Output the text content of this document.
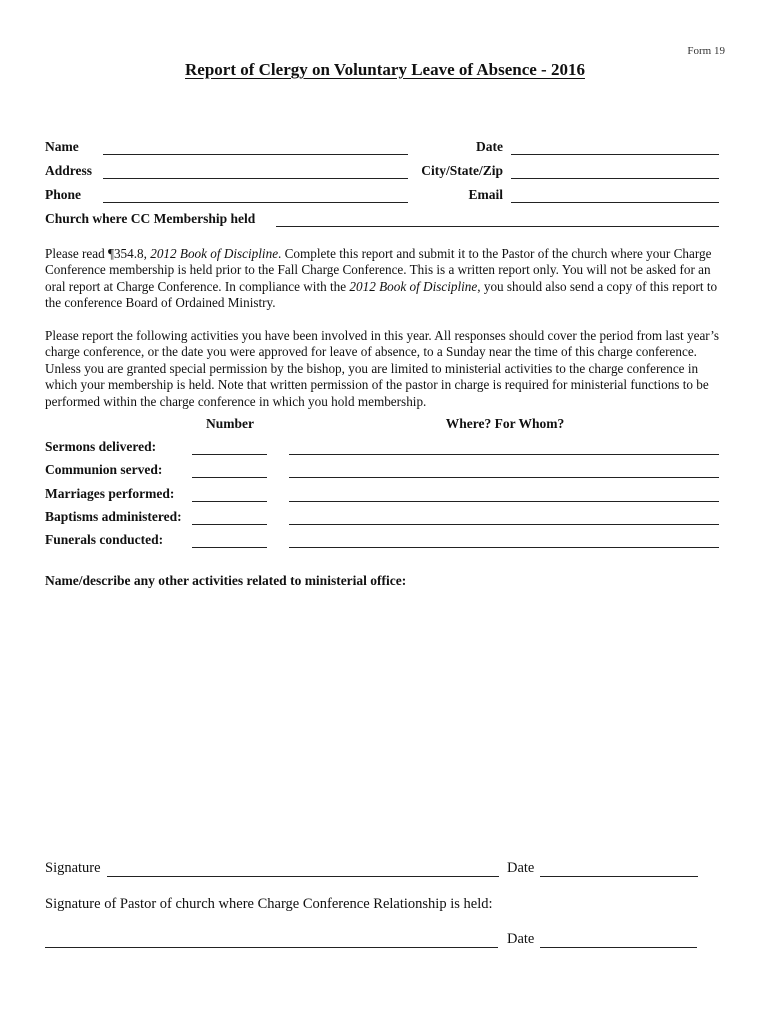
Form 19
Report of Clergy on Voluntary Leave of Absence - 2016
Name	Date
Address	City/State/Zip
Phone	Email
Church where CC Membership held

Please read ¶354.8, 2012 Book of Discipline. Complete this report and submit it to the Pastor of the church where your Charge Conference membership is held prior to the Fall Charge Conference. This is a written report only. You will not be asked for an oral report at Charge Conference. In compliance with the 2012 Book of Discipline, you should also send a copy of this report to the conference Board of Ordained Ministry.

Please report the following activities you have been involved in this year. All responses should cover the period from last year’s charge conference, or the date you were approved for leave of absence, to a Sunday near the time of this charge conference. Unless you are granted special permission by the bishop, you are limited to ministerial activities to the charge conference in which your membership is held. Note that written permission of the pastor in charge is required for ministerial functions to be performed within the charge conference in which you hold membership.

Number	Where? For Whom?
Sermons delivered:
Communion served:
Marriages performed:
Baptisms administered:
Funerals conducted:
Name/describe any other activities related to ministerial office:
Signature	Date
Signature of Pastor of church where Charge Conference Relationship is held:
Date
